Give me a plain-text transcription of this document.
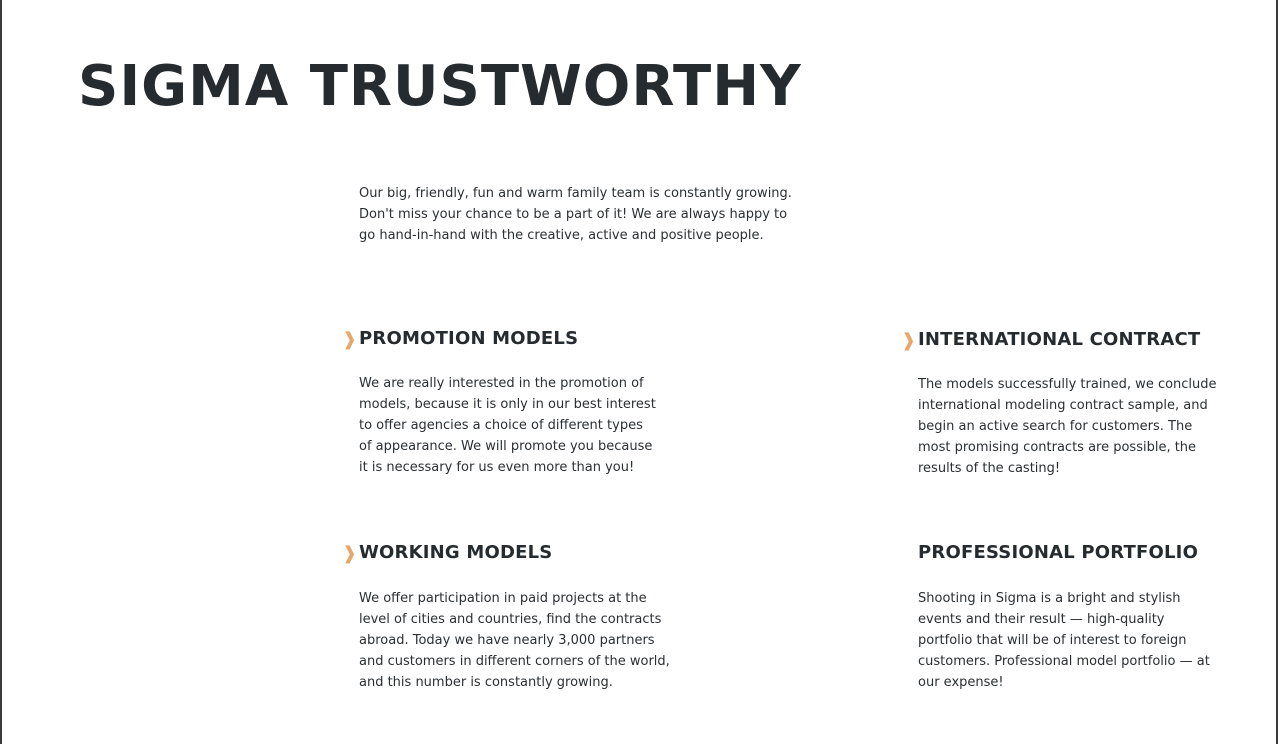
SIGMA TRUSTWORTHY

Our big, friendly, fun and warm family team is constantly growing.
Don't miss your chance to be a part of it! We are always happy to
go hand-in-hand with the creative, active and positive people.

❱ PROMOTION MODELS

We are really interested in the promotion of
models, because it is only in our best interest
to offer agencies a choice of different types
of appearance. We will promote you because
it is necessary for us even more than you!

❱ INTERNATIONAL CONTRACT

The models successfully trained, we conclude
international modeling contract sample, and
begin an active search for customers. The
most promising contracts are possible, the
results of the casting!

❱ WORKING MODELS

We offer participation in paid projects at the
level of cities and countries, find the contracts
abroad. Today we have nearly 3,000 partners
and customers in different corners of the world,
and this number is constantly growing.

PROFESSIONAL PORTFOLIO

Shooting in Sigma is a bright and stylish
events and their result — high-quality
portfolio that will be of interest to foreign
customers. Professional model portfolio — at
our expense!
